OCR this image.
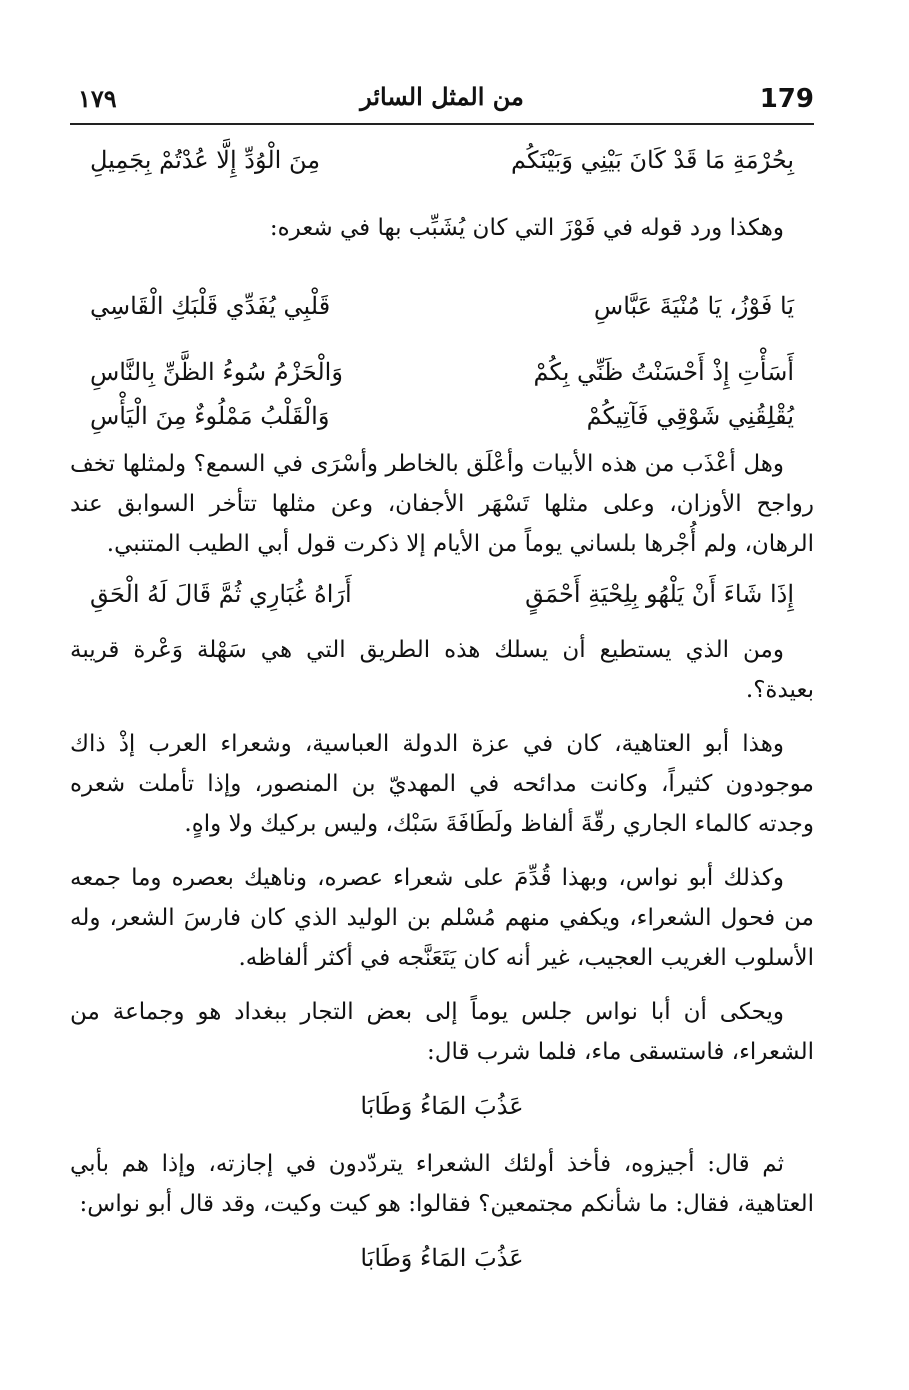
179
من المثل السائر
١٧٩
بِحُرْمَةِ مَا قَدْ كَانَ بَيْنِي وَبَيْنَكُم
مِنَ الْوُدِّ إِلَّا عُدْتُمْ بِجَمِيلِ

وهكذا ورد قوله في فَوْزَ التي كان يُشَبِّب بها في شعره:

يَا فَوْزُ، يَا مُنْيَةَ عَبَّاسِ
قَلْبِي يُفَدِّي قَلْبَكِ الْقَاسِي
أَسَأْتِ إِذْ أَحْسَنْتُ ظَنِّي بِكُمْ
وَالْحَزْمُ سُوءُ الظَّنِّ بِالنَّاسِ
يُقْلِقُنِي شَوْقِي فَآتِيكُمْ
وَالْقَلْبُ مَمْلُوءٌ مِنَ الْيَأْسِ

وهل أعْذَب من هذه الأبيات وأعْلَق بالخاطر وأسْرَى في السمع؟ ولمثلها تخف رواجح الأوزان، وعلى مثلها تَسْهَر الأجفان، وعن مثلها تتأخر السوابق عند الرهان، ولم أُجْرها بلساني يوماً من الأيام إلا ذكرت قول أبي الطيب المتنبي.

إِذَا شَاءَ أَنْ يَلْهُو بِلِحْيَةِ أَحْمَقٍ
أَرَاهُ غُبَارِي ثُمَّ قَالَ لَهُ الْحَقِ

ومن الذي يستطيع أن يسلك هذه الطريق التي هي سَهْلة وَعْرة قريبة بعيدة؟.

وهذا أبو العتاهية، كان في عزة الدولة العباسية، وشعراء العرب إذْ ذاك موجودون كثيراً، وكانت مدائحه في المهديّ بن المنصور، وإذا تأملت شعره وجدته كالماء الجاري رقّةَ ألفاظ ولَطَافَةَ سَبْك، وليس بركيك ولا واهٍ.

وكذلك أبو نواس، وبهذا قُدِّمَ على شعراء عصره، وناهيك بعصره وما جمعه من فحول الشعراء، ويكفي منهم مُسْلم بن الوليد الذي كان فارسَ الشعر، وله الأسلوب الغريب العجيب، غير أنه كان يَتَعَنَّجه في أكثر ألفاظه.

ويحكى أن أبا نواس جلس يوماً إلى بعض التجار ببغداد هو وجماعة من الشعراء، فاستسقى ماء، فلما شرب قال:

عَذُبَ المَاءُ وَطَابَا

ثم قال: أجيزوه، فأخذ أولئك الشعراء يتردّدون في إجازته، وإذا هم بأبي العتاهية، فقال: ما شأنكم مجتمعين؟ فقالوا: هو كيت وكيت، وقد قال أبو نواس:

عَذُبَ المَاءُ وَطَابَا
